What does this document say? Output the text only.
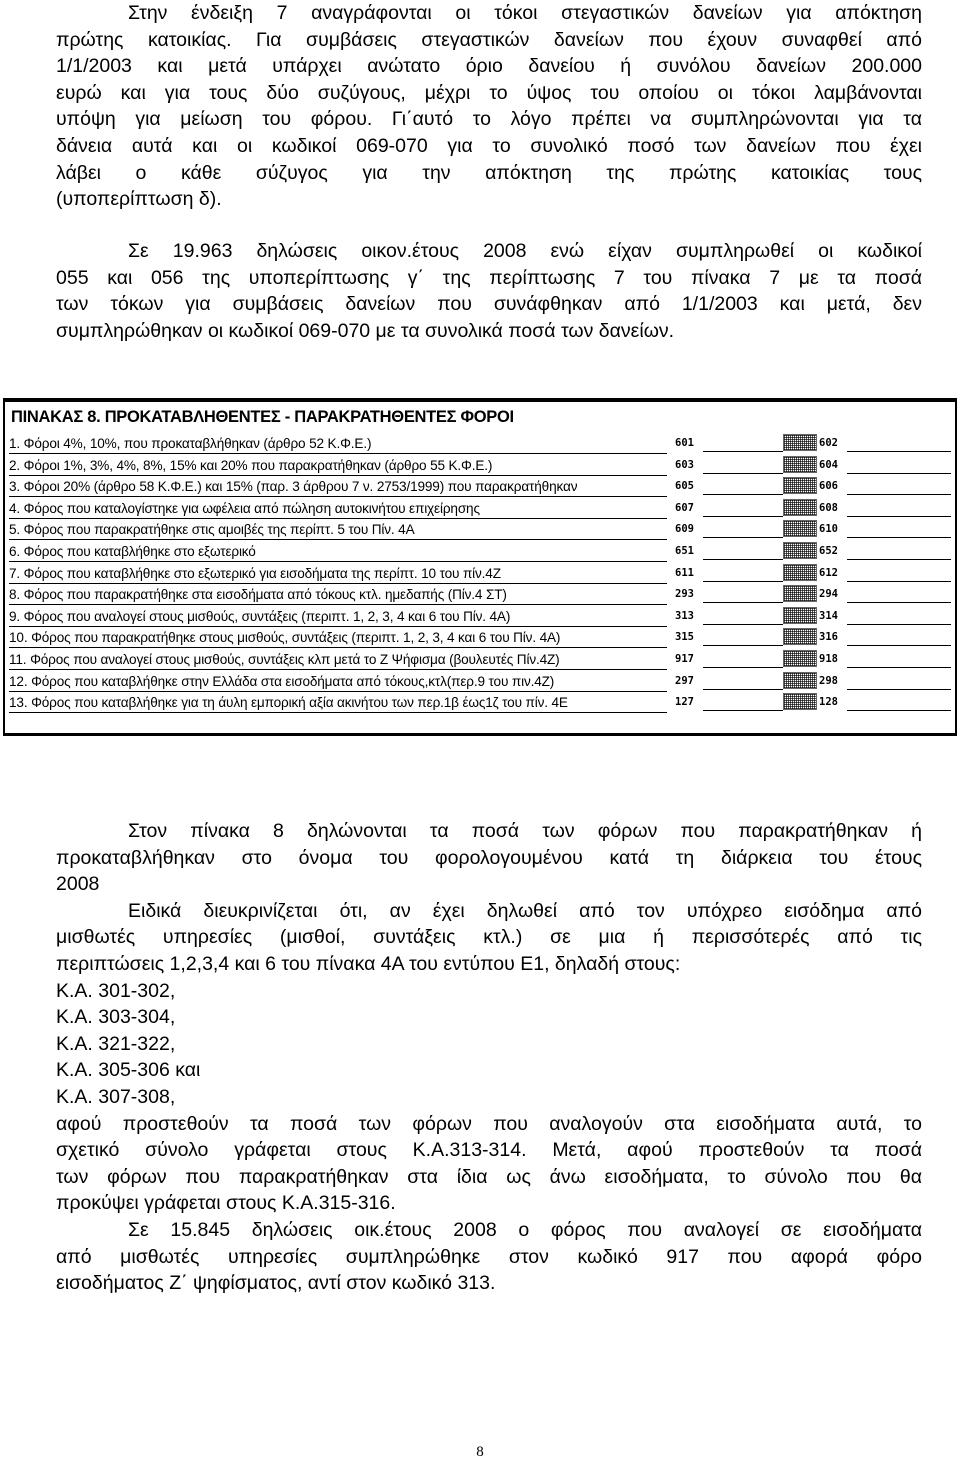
Στην ένδειξη 7 αναγράφονται οι τόκοι στεγαστικών δανείων για απόκτηση
πρώτης κατοικίας. Για συμβάσεις στεγαστικών δανείων που έχουν συναφθεί από
1/1/2003 και μετά υπάρχει ανώτατο όριο δανείου ή συνόλου δανείων 200.000
ευρώ και για τους δύο συζύγους, μέχρι το ύψος του οποίου οι τόκοι λαμβάνονται
υπόψη για μείωση του φόρου. Γι΄αυτό το λόγο πρέπει να συμπληρώνονται για τα
δάνεια αυτά και οι κωδικοί 069-070 για το συνολικό ποσό των δανείων που έχει
λάβει ο κάθε σύζυγος για την απόκτηση της πρώτης κατοικίας τους
(υποπερίπτωση δ).
Σε 19.963 δηλώσεις οικον.έτους 2008 ενώ είχαν συμπληρωθεί οι κωδικοί
055 και 056 της υποπερίπτωσης γ΄ της περίπτωσης 7 του πίνακα 7 με τα ποσά
των τόκων για συμβάσεις δανείων που συνάφθηκαν από 1/1/2003 και μετά, δεν
συμπληρώθηκαν οι κωδικοί 069-070 με τα συνολικά ποσά των δανείων.
ΠΙΝΑΚΑΣ 8. ΠΡΟΚΑΤΑΒΛΗΘΕΝΤΕΣ - ΠΑΡΑΚΡΑΤΗΘΕΝΤΕΣ ΦΟΡΟΙ
1. Φόροι 4%, 10%, που προκαταβλήθηκαν (άρθρο 52 Κ.Φ.Ε.)	601	602
2. Φόροι 1%, 3%, 4%, 8%, 15% και 20% που παρακρατήθηκαν (άρθρο 55 Κ.Φ.Ε.)	603	604
3. Φόροι 20% (άρθρο 58 Κ.Φ.Ε.) και 15% (παρ. 3 άρθρου 7 ν. 2753/1999) που παρακρατήθηκαν	605	606
4. Φόρος που καταλογίστηκε για ωφέλεια από πώληση αυτοκινήτου επιχείρησης	607	608
5. Φόρος που παρακρατήθηκε στις αμοιβές της περίπτ. 5 του Πίν. 4Α	609	610
6. Φόρος που καταβλήθηκε στο εξωτερικό	651	652
7. Φόρος που καταβλήθηκε στο εξωτερικό για εισοδήματα της περίπτ. 10 του πίν.4Ζ	611	612
8. Φόρος που παρακρατήθηκε στα εισοδήματα από τόκους κτλ. ημεδαπής (Πίν.4 ΣΤ)	293	294
9. Φόρος που αναλογεί στους μισθούς, συντάξεις (περιπτ. 1, 2, 3, 4 και 6 του Πίν. 4Α)	313	314
10. Φόρος που παρακρατήθηκε στους μισθούς, συντάξεις (περιπτ. 1, 2, 3, 4 και 6 του Πίν. 4Α)	315	316
11. Φόρος που αναλογεί στους μισθούς, συντάξεις κλπ μετά το Ζ Ψήφισμα (βουλευτές Πίν.4Ζ)	917	918
12. Φόρος που καταβλήθηκε στην Ελλάδα στα εισοδήματα από τόκους,κτλ(περ.9 του πιν.4Ζ)	297	298
13. Φόρος που καταβλήθηκε για τη άυλη εμπορική αξία ακινήτου των περ.1β έως1ζ του πίν. 4Ε	127	128
Στον πίνακα 8 δηλώνονται τα ποσά των φόρων που παρακρατήθηκαν ή
προκαταβλήθηκαν στο όνομα του φορολογουμένου κατά τη διάρκεια του έτους
2008
Ειδικά διευκρινίζεται ότι, αν έχει δηλωθεί από τον υπόχρεο εισόδημα από
μισθωτές υπηρεσίες (μισθοί, συντάξεις κτλ.) σε μια ή περισσότερές από τις
περιπτώσεις 1,2,3,4 και 6 του πίνακα 4Α του εντύπου Ε1, δηλαδή στους:
Κ.Α. 301-302,
Κ.Α. 303-304,
Κ.Α. 321-322,
Κ.Α. 305-306 και
Κ.Α. 307-308,
αφού προστεθούν τα ποσά των φόρων που αναλογούν στα εισοδήματα αυτά, το
σχετικό σύνολο γράφεται στους Κ.Α.313-314. Μετά, αφού προστεθούν τα ποσά
των φόρων που παρακρατήθηκαν στα ίδια ως άνω εισοδήματα, το σύνολο που θα
προκύψει γράφεται στους Κ.Α.315-316.
Σε 15.845 δηλώσεις οικ.έτους 2008 ο φόρος που αναλογεί σε εισοδήματα
από μισθωτές υπηρεσίες συμπληρώθηκε στον κωδικό 917 που αφορά φόρο
εισοδήματος Ζ΄ ψηφίσματος, αντί στον κωδικό 313.
8
